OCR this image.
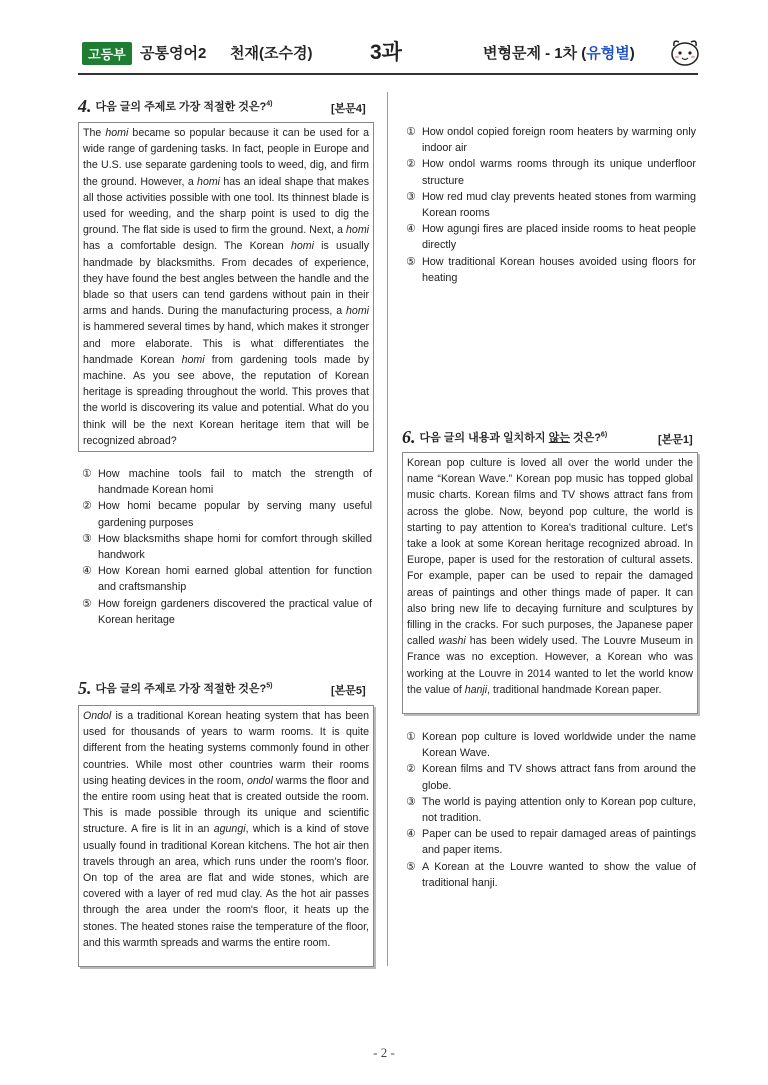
고등부 공통영어2 천재(조수경)	3과	변형문제 - 1차 (유형별)
4. 다음 글의 주제로 가장 적절한 것은?$^{4)}$	[본문4]
The homi became so popular because it can be used for a wide range of gardening tasks. In fact, people in Europe and the U.S. use separate gardening tools to weed, dig, and firm the ground. However, a homi has an ideal shape that makes all those activities possible with one tool. Its thinnest blade is used for weeding, and the sharp point is used to dig the ground. The flat side is used to firm the ground. Next, a homi has a comfortable design. The Korean homi is usually handmade by blacksmiths. From decades of experience, they have found the best angles between the handle and the blade so that users can tend gardens without pain in their arms and hands. During the manufacturing process, a homi is hammered several times by hand, which makes it stronger and more elaborate. This is what differentiates the handmade Korean homi from gardening tools made by machine. As you see above, the reputation of Korean heritage is spreading throughout the world. This proves that the world is discovering its value and potential. What do you think will be the next Korean heritage item that will be recognized abroad?
① How machine tools fail to match the strength of handmade Korean homi
② How homi became popular by serving many useful gardening purposes
③ How blacksmiths shape homi for comfort through skilled handwork
④ How Korean homi earned global attention for function and craftsmanship
⑤ How foreign gardeners discovered the practical value of Korean heritage
5. 다음 글의 주제로 가장 적절한 것은?$^{5)}$	[본문5]
Ondol is a traditional Korean heating system that has been used for thousands of years to warm rooms. It is quite different from the heating systems commonly found in other countries. While most other countries warm their rooms using heating devices in the room, ondol warms the floor and the entire room using heat that is created outside the room. This is made possible through its unique and scientific structure. A fire is lit in an agungi, which is a kind of stove usually found in traditional Korean kitchens. The hot air then travels through an area, which runs under the room's floor. On top of the area are flat and wide stones, which are covered with a layer of red mud clay. As the hot air passes through the area under the room's floor, it heats up the stones. The heated stones raise the temperature of the floor, and this warmth spreads and warms the entire room.
① How ondol copied foreign room heaters by warming only indoor air
② How ondol warms rooms through its unique underfloor structure
③ How red mud clay prevents heated stones from warming Korean rooms
④ How agungi fires are placed inside rooms to heat people directly
⑤ How traditional Korean houses avoided using floors for heating
6. 다음 글의 내용과 일치하지 않는 것은?$^{6)}$	[본문1]
Korean pop culture is loved all over the world under the name “Korean Wave.” Korean pop music has topped global music charts. Korean films and TV shows attract fans from across the globe. Now, beyond pop culture, the world is starting to pay attention to Korea's traditional culture. Let's take a look at some Korean heritage recognized abroad. In Europe, paper is used for the restoration of cultural assets. For example, paper can be used to repair the damaged areas of paintings and other things made of paper. It can also bring new life to decaying furniture and sculptures by filling in the cracks. For such purposes, the Japanese paper called washi has been widely used. The Louvre Museum in France was no exception. However, a Korean who was working at the Louvre in 2014 wanted to let the world know the value of hanji, traditional handmade Korean paper.
① Korean pop culture is loved worldwide under the name Korean Wave.
② Korean films and TV shows attract fans from around the globe.
③ The world is paying attention only to Korean pop culture, not tradition.
④ Paper can be used to repair damaged areas of paintings and paper items.
⑤ A Korean at the Louvre wanted to show the value of traditional hanji.
- 2 -
